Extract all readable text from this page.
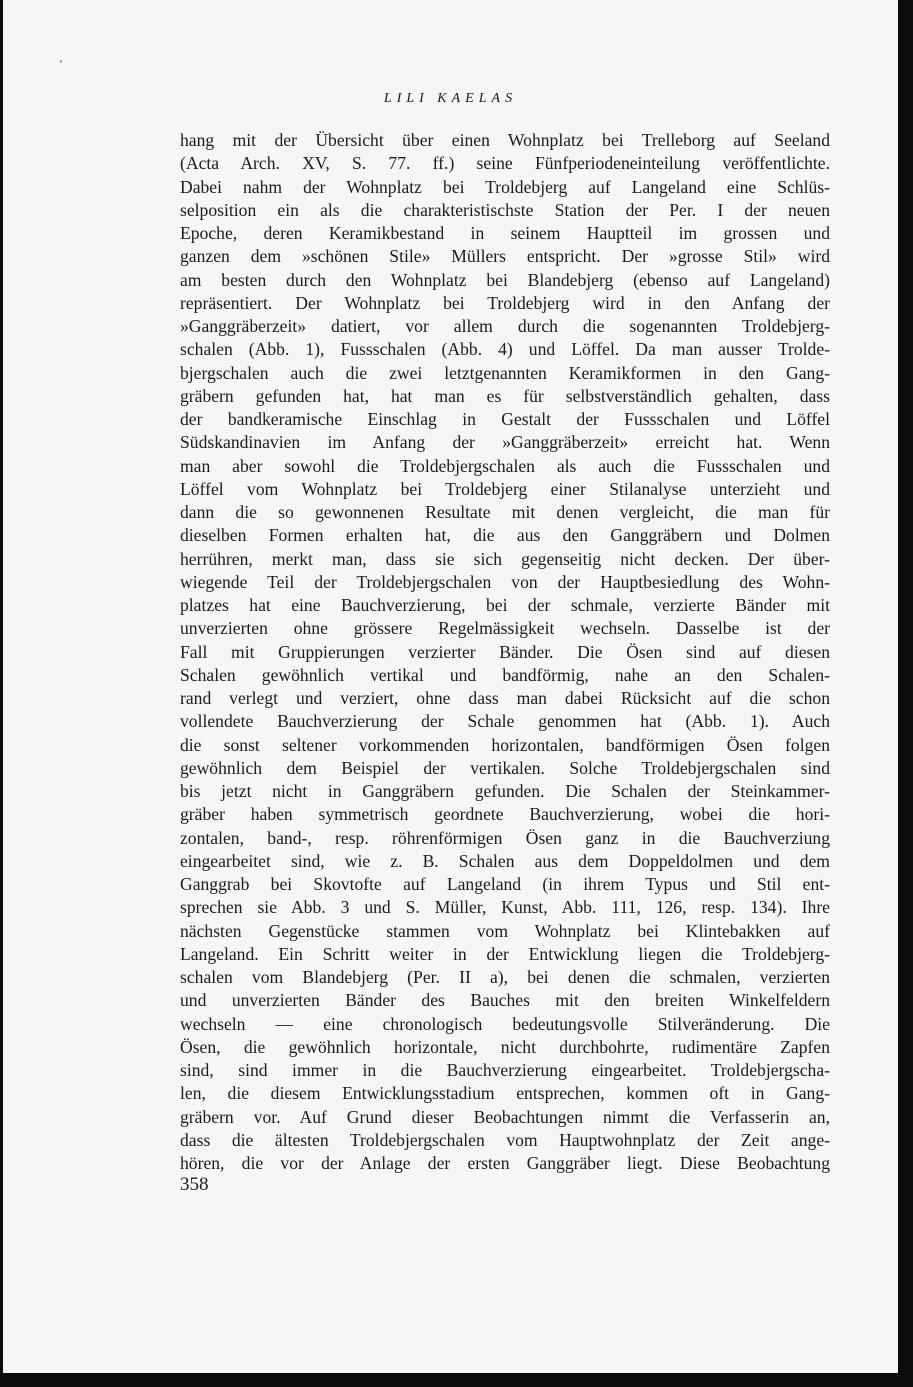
LILI KAELAS
hang mit der Übersicht über einen Wohnplatz bei Trelleborg auf Seeland
(Acta Arch. XV, S. 77. ff.) seine Fünfperiodeneinteilung veröffentlichte.
Dabei nahm der Wohnplatz bei Troldebjerg auf Langeland eine Schlüs-
selposition ein als die charakteristischste Station der Per. I der neuen
Epoche, deren Keramikbestand in seinem Hauptteil im grossen und
ganzen dem »schönen Stile» Müllers entspricht. Der »grosse Stil» wird
am besten durch den Wohnplatz bei Blandebjerg (ebenso auf Langeland)
repräsentiert. Der Wohnplatz bei Troldebjerg wird in den Anfang der
»Ganggräberzeit» datiert, vor allem durch die sogenannten Troldebjerg-
schalen (Abb. 1), Fussschalen (Abb. 4) und Löffel. Da man ausser Trolde-
bjergschalen auch die zwei letztgenannten Keramikformen in den Gang-
gräbern gefunden hat, hat man es für selbstverständlich gehalten, dass
der bandkeramische Einschlag in Gestalt der Fussschalen und Löffel
Südskandinavien im Anfang der »Ganggräberzeit» erreicht hat. Wenn
man aber sowohl die Troldebjergschalen als auch die Fussschalen und
Löffel vom Wohnplatz bei Troldebjerg einer Stilanalyse unterzieht und
dann die so gewonnenen Resultate mit denen vergleicht, die man für
dieselben Formen erhalten hat, die aus den Ganggräbern und Dolmen
herrühren, merkt man, dass sie sich gegenseitig nicht decken. Der über-
wiegende Teil der Troldebjergschalen von der Hauptbesiedlung des Wohn-
platzes hat eine Bauchverzierung, bei der schmale, verzierte Bänder mit
unverzierten ohne grössere Regelmässigkeit wechseln. Dasselbe ist der
Fall mit Gruppierungen verzierter Bänder. Die Ösen sind auf diesen
Schalen gewöhnlich vertikal und bandförmig, nahe an den Schalen-
rand verlegt und verziert, ohne dass man dabei Rücksicht auf die schon
vollendete Bauchverzierung der Schale genommen hat (Abb. 1). Auch
die sonst seltener vorkommenden horizontalen, bandförmigen Ösen folgen
gewöhnlich dem Beispiel der vertikalen. Solche Troldebjergschalen sind
bis jetzt nicht in Ganggräbern gefunden. Die Schalen der Steinkammer-
gräber haben symmetrisch geordnete Bauchverzierung, wobei die hori-
zontalen, band-, resp. röhrenförmigen Ösen ganz in die Bauchverziung
eingearbeitet sind, wie z. B. Schalen aus dem Doppeldolmen und dem
Ganggrab bei Skovtofte auf Langeland (in ihrem Typus und Stil ent-
sprechen sie Abb. 3 und S. Müller, Kunst, Abb. 111, 126, resp. 134). Ihre
nächsten Gegenstücke stammen vom Wohnplatz bei Klintebakken auf
Langeland. Ein Schritt weiter in der Entwicklung liegen die Troldebjerg-
schalen vom Blandebjerg (Per. II a), bei denen die schmalen, verzierten
und unverzierten Bänder des Bauches mit den breiten Winkelfeldern
wechseln — eine chronologisch bedeutungsvolle Stilveränderung. Die
Ösen, die gewöhnlich horizontale, nicht durchbohrte, rudimentäre Zapfen
sind, sind immer in die Bauchverzierung eingearbeitet. Troldebjergscha-
len, die diesem Entwicklungsstadium entsprechen, kommen oft in Gang-
gräbern vor. Auf Grund dieser Beobachtungen nimmt die Verfasserin an,
dass die ältesten Troldebjergschalen vom Hauptwohnplatz der Zeit ange-
hören, die vor der Anlage der ersten Ganggräber liegt. Diese Beobachtung
358
